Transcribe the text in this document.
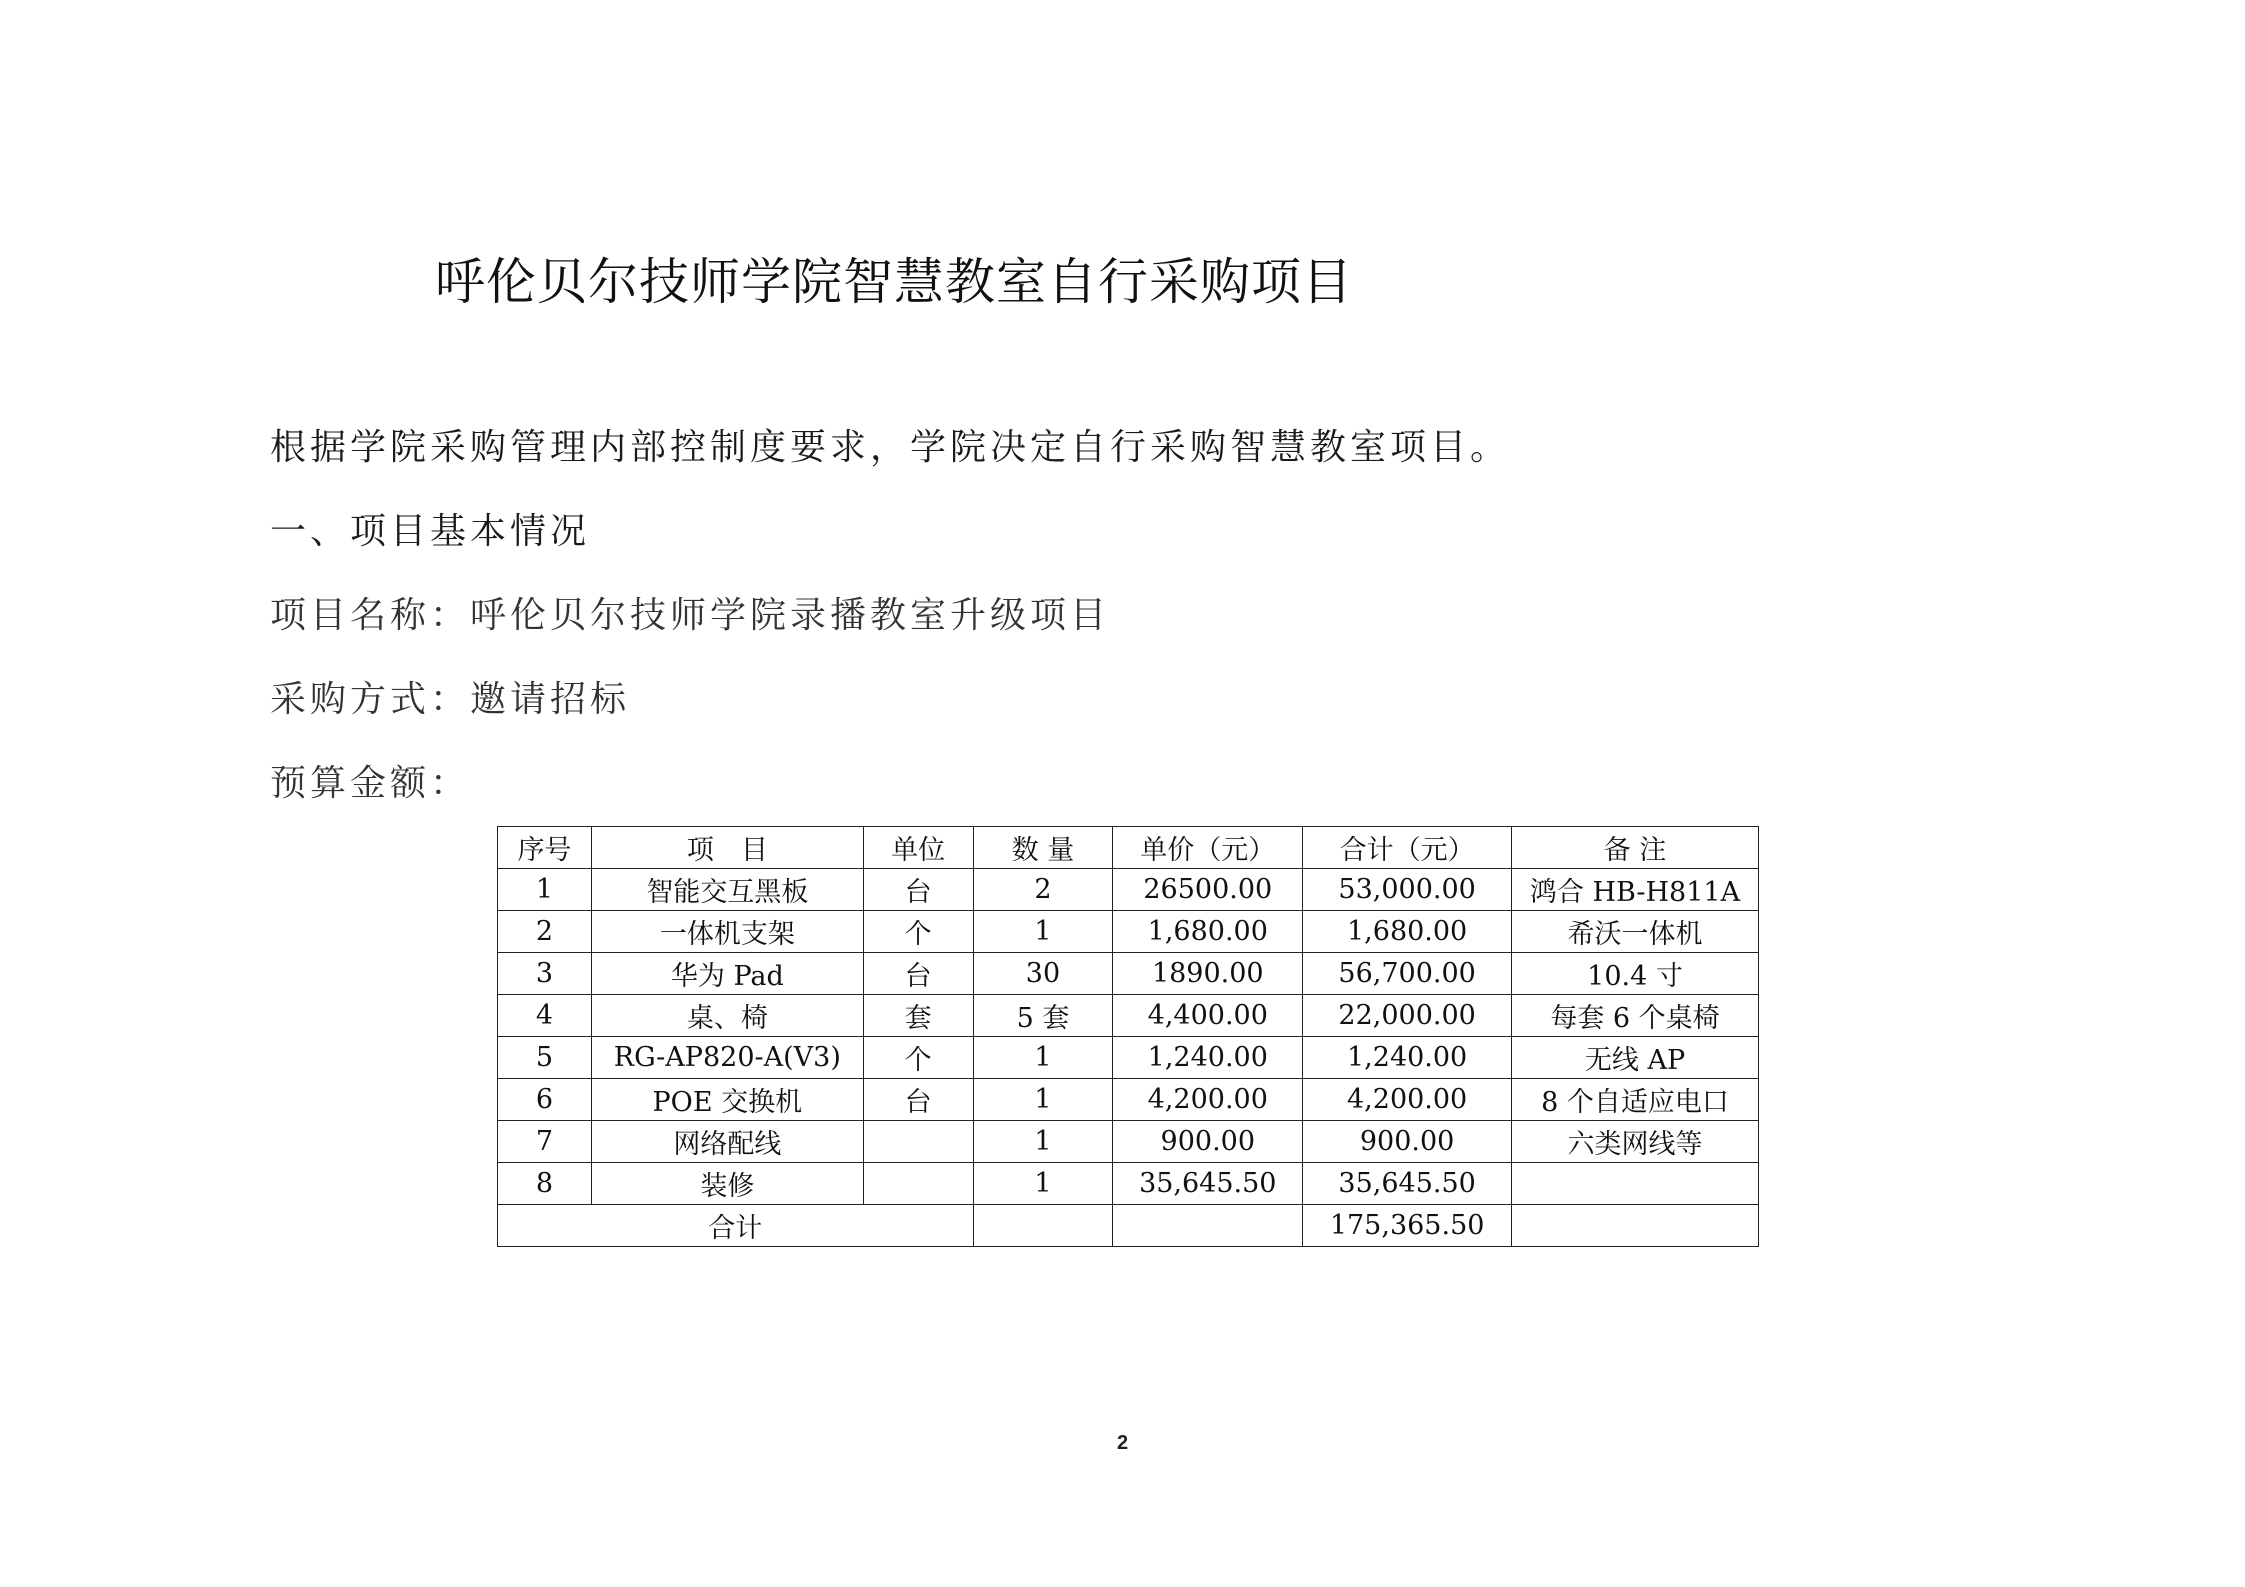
呼伦贝尔技师学院智慧教室自行采购项目
根据学院采购管理内部控制度要求，学院决定自行采购智慧教室项目。
一、项目基本情况
项目名称：呼伦贝尔技师学院录播教室升级项目
采购方式：邀请招标
预算金额：
序号	项　目	单位	数 量	单价（元）	合计（元）	备 注
1	智能交互黑板	台	2	26500.00	53,000.00	鸿合 HB-H811A
2	一体机支架	个	1	1,680.00	1,680.00	希沃一体机
3	华为 Pad	台	30	1890.00	56,700.00	10.4 寸
4	桌、椅	套	5 套	4,400.00	22,000.00	每套 6 个桌椅
5	RG-AP820-A(V3)	个	1	1,240.00	1,240.00	无线 AP
6	POE 交换机	台	1	4,200.00	4,200.00	8 个自适应电口
7	网络配线		1	900.00	900.00	六类网线等
8	装修		1	35,645.50	35,645.50	
合计					175,365.50	
2
